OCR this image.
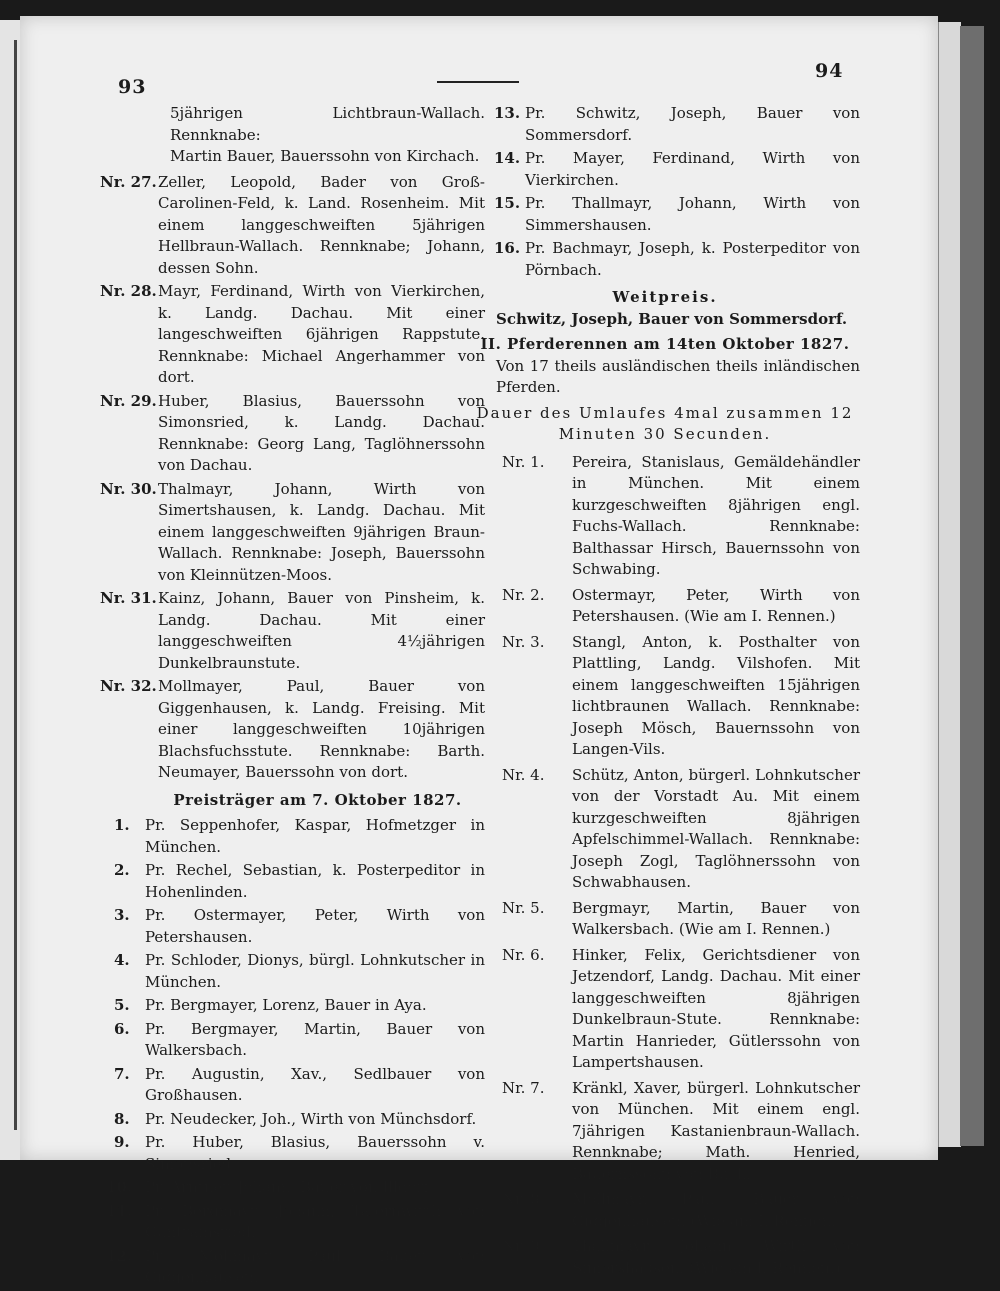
93
94
5jährigen Lichtbraun-Wallach. Rennknabe:
Martin Bauer, Bauerssohn von Kirchach.
Nr. 27. Zeller, Leopold, Bader von Groß-Carolinen-Feld, k. Land. Rosenheim. Mit einem langgeschweiften 5jährigen Hellbraun-Wallach. Rennknabe; Johann, dessen Sohn.
Nr. 28. Mayr, Ferdinand, Wirth von Vierkirchen, k. Landg. Dachau. Mit einer langeschweiften 6jährigen Rappstute. Rennknabe: Michael Angerhammer von dort.
Nr. 29. Huber, Blasius, Bauerssohn von Simonsried, k. Landg. Dachau. Rennknabe: Georg Lang, Taglöhnerssohn von Dachau.
Nr. 30. Thalmayr, Johann, Wirth von Simertshausen, k. Landg. Dachau. Mit einem langgeschweiften 9jährigen Braun-Wallach. Rennknabe: Joseph, Bauerssohn von Kleinnützen-Moos.
Nr. 31. Kainz, Johann, Bauer von Pinsheim, k. Landg. Dachau. Mit einer langgeschweiften 4½jährigen Dunkelbraunstute.
Nr. 32. Mollmayer, Paul, Bauer von Giggenhausen, k. Landg. Freising. Mit einer langgeschweiften 10jährigen Blachsfuchsstute. Rennknabe: Barth. Neumayer, Bauerssohn von dort.
Preisträger am 7. Oktober 1827.
1. Pr. Seppenhofer, Kaspar, Hofmetzger in München.
2. Pr. Rechel, Sebastian, k. Posterpeditor in Hohenlinden.
3. Pr. Ostermayer, Peter, Wirth von Petershausen.
4. Pr. Schloder, Dionys, bürgl. Lohnkutscher in München.
5. Pr. Bergmayer, Lorenz, Bauer in Aya.
6. Pr. Bergmayer, Martin, Bauer von Walkersbach.
7. Pr. Augustin, Xav., Sedlbauer von Großhausen.
8. Pr. Neudecker, Joh., Wirth von Münchsdorf.
9. Pr. Huber, Blasius, Bauerssohn v. Simonsried.
10. Pr. Arntner, Johann, Bauer von Illdorf.
11. Pr. Bergmayr, Johann, Tafernwirth von Guntramsried.
12. Pr. Mollmayr, Paul, Bauer von Giggenhausen.
13. Pr. Schwitz, Joseph, Bauer von Sommersdorf.
14. Pr. Mayer, Ferdinand, Wirth von Vierkirchen.
15. Pr. Thallmayr, Johann, Wirth von Simmershausen.
16. Pr. Bachmayr, Joseph, k. Posterpeditor von Pörnbach.
Weitpreis.
Schwitz, Joseph, Bauer von Sommersdorf.
II. Pferderennen am 14ten Oktober 1827.
Von 17 theils ausländischen theils inländischen Pferden.
Dauer des Umlaufes 4mal zusammen 12
Minuten 30 Secunden.
Nr. 1. Pereira, Stanislaus, Gemäldehändler in München. Mit einem kurzgeschweiften 8jährigen engl. Fuchs-Wallach. Rennknabe: Balthassar Hirsch, Bauernssohn von Schwabing.
Nr. 2. Ostermayr, Peter, Wirth von Petershausen. (Wie am I. Rennen.)
Nr. 3. Stangl, Anton, k. Posthalter von Plattling, Landg. Vilshofen. Mit einem langgeschweiften 15jährigen lichtbraunen Wallach. Rennknabe: Joseph Mösch, Bauernssohn von Langen-Vils.
Nr. 4. Schütz, Anton, bürgerl. Lohnkutscher von der Vorstadt Au. Mit einem kurzgeschweiften 8jährigen Apfelschimmel-Wallach. Rennknabe: Joseph Zogl, Taglöhnerssohn von Schwabhausen.
Nr. 5. Bergmayr, Martin, Bauer von Walkersbach. (Wie am I. Rennen.)
Nr. 6. Hinker, Felix, Gerichtsdiener von Jetzendorf, Landg. Dachau. Mit einer langgeschweiften 8jährigen Dunkelbraun-Stute. Rennknabe: Martin Hanrieder, Gütlerssohn von Lampertshausen.
Nr. 7. Kränkl, Xaver, bürgerl. Lohnkutscher von München. Mit einem engl. 7jährigen Kastanienbraun-Wallach. Rennknabe; Math. Henried, Bauernssohn von Buch.
Nr. 8. Mollmayr, Paul, Bauer von Giggenhausen. (Wie am I. Rennen.)
Nr. 9. Thallmayr, Johann, Wirth von Simershausen. (Wie am I. Rennen.)
